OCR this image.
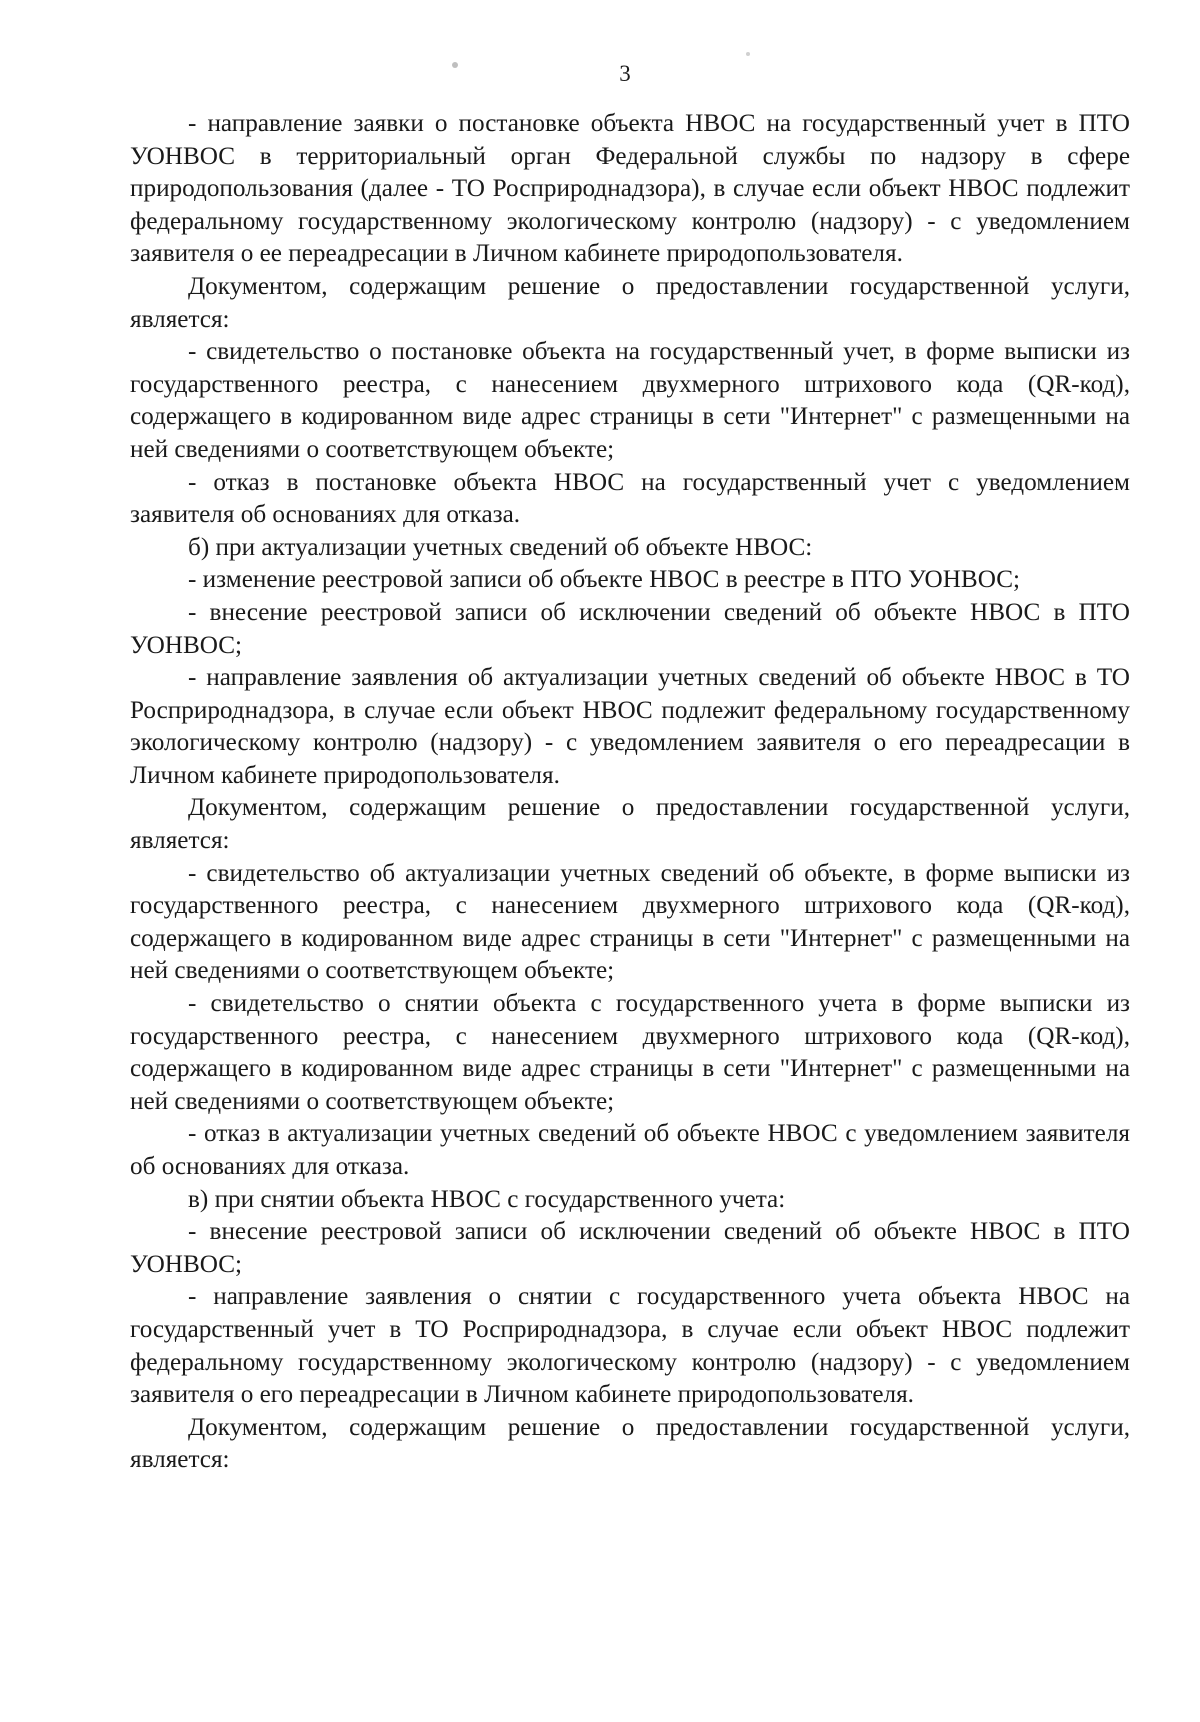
3

- направление заявки о постановке объекта НВОС на государственный учет в ПТО УОНВОС в территориальный орган Федеральной службы по надзору в сфере природопользования (далее - ТО Росприроднадзора), в случае если объект НВОС подлежит федеральному государственному экологическому контролю (надзору) - с уведомлением заявителя о ее переадресации в Личном кабинете природопользователя.

Документом, содержащим решение о предоставлении государственной услуги, является:

- свидетельство о постановке объекта на государственный учет, в форме выписки из государственного реестра, с нанесением двухмерного штрихового кода (QR-код), содержащего в кодированном виде адрес страницы в сети "Интернет" с размещенными на ней сведениями о соответствующем объекте;

- отказ в постановке объекта НВОС на государственный учет с уведомлением заявителя об основаниях для отказа.

б) при актуализации учетных сведений об объекте НВОС:

- изменение реестровой записи об объекте НВОС в реестре в ПТО УОНВОС;

- внесение реестровой записи об исключении сведений об объекте НВОС в ПТО УОНВОС;

- направление заявления об актуализации учетных сведений об объекте НВОС в ТО Росприроднадзора, в случае если объект НВОС подлежит федеральному государственному экологическому контролю (надзору) - с уведомлением заявителя о его переадресации в Личном кабинете природопользователя.

Документом, содержащим решение о предоставлении государственной услуги, является:

- свидетельство об актуализации учетных сведений об объекте, в форме выписки из государственного реестра, с нанесением двухмерного штрихового кода (QR-код), содержащего в кодированном виде адрес страницы в сети "Интернет" с размещенными на ней сведениями о соответствующем объекте;

- свидетельство о снятии объекта с государственного учета в форме выписки из государственного реестра, с нанесением двухмерного штрихового кода (QR-код), содержащего в кодированном виде адрес страницы в сети "Интернет" с размещенными на ней сведениями о соответствующем объекте;

- отказ в актуализации учетных сведений об объекте НВОС с уведомлением заявителя об основаниях для отказа.

в) при снятии объекта НВОС с государственного учета:

- внесение реестровой записи об исключении сведений об объекте НВОС в ПТО УОНВОС;

- направление заявления о снятии с государственного учета объекта НВОС на государственный учет в ТО Росприроднадзора, в случае если объект НВОС подлежит федеральному государственному экологическому контролю (надзору) - с уведомлением заявителя о его переадресации в Личном кабинете природопользователя.

Документом, содержащим решение о предоставлении государственной услуги, является:
